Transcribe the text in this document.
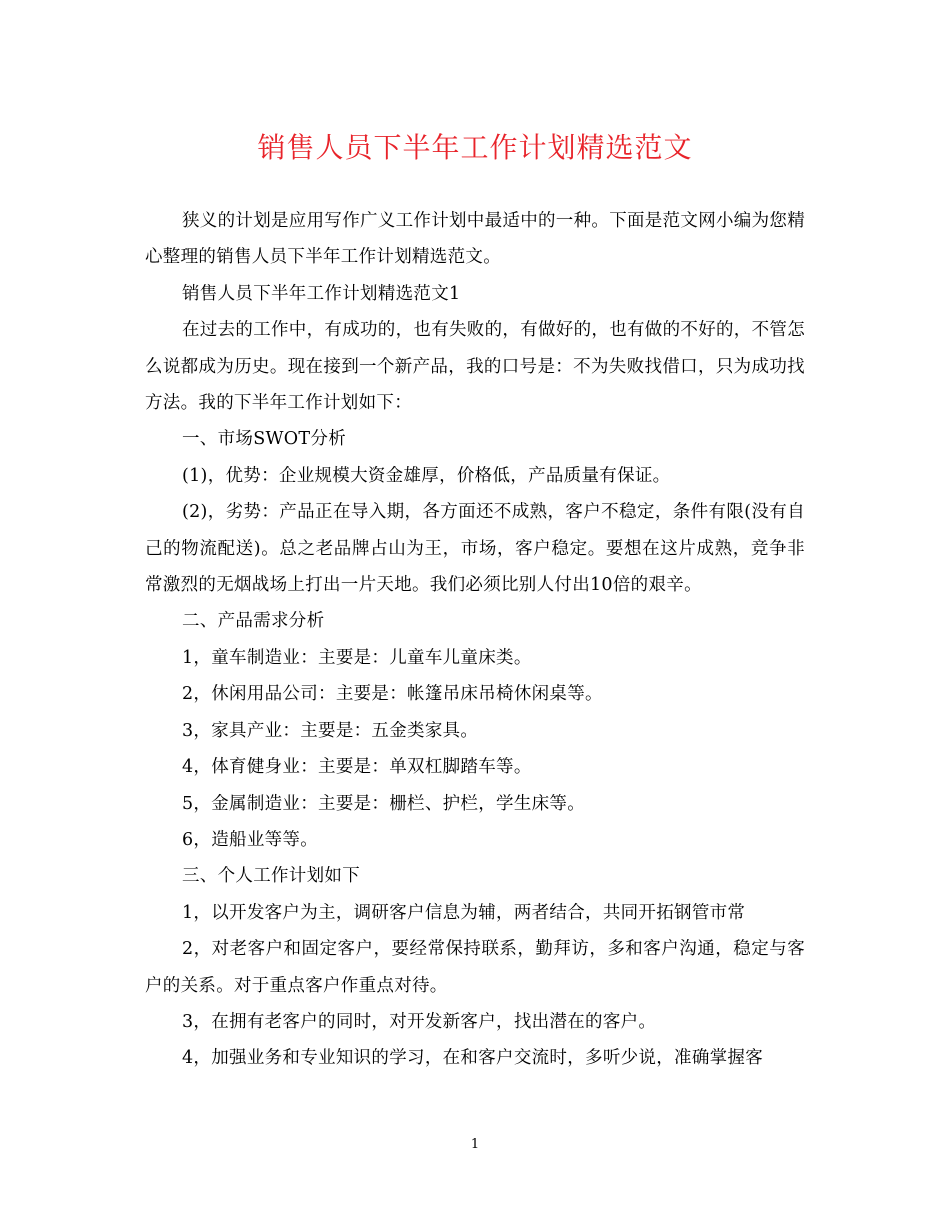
销售人员下半年工作计划精选范文

狭义的计划是应用写作广义工作计划中最适中的一种。下面是范文网小编为您精心整理的销售人员下半年工作计划精选范文。

销售人员下半年工作计划精选范文1

在过去的工作中，有成功的，也有失败的，有做好的，也有做的不好的，不管怎么说都成为历史。现在接到一个新产品，我的口号是：不为失败找借口，只为成功找方法。我的下半年工作计划如下：

一、市场SWOT分析

(1)，优势：企业规模大资金雄厚，价格低，产品质量有保证。

(2)，劣势：产品正在导入期，各方面还不成熟，客户不稳定，条件有限(没有自己的物流配送)。总之老品牌占山为王，市场，客户稳定。要想在这片成熟，竞争非常激烈的无烟战场上打出一片天地。我们必须比别人付出10倍的艰辛。

二、产品需求分析

1，童车制造业：主要是：儿童车儿童床类。

2，休闲用品公司：主要是：帐篷吊床吊椅休闲桌等。

3，家具产业：主要是：五金类家具。

4，体育健身业：主要是：单双杠脚踏车等。

5，金属制造业：主要是：栅栏、护栏，学生床等。

6，造船业等等。

三、个人工作计划如下

1，以开发客户为主，调研客户信息为辅，两者结合，共同开拓钢管市常

2，对老客户和固定客户，要经常保持联系，勤拜访，多和客户沟通，稳定与客户的关系。对于重点客户作重点对待。

3，在拥有老客户的同时，对开发新客户，找出潜在的客户。

4，加强业务和专业知识的学习，在和客户交流时，多听少说，准确掌握客

1
